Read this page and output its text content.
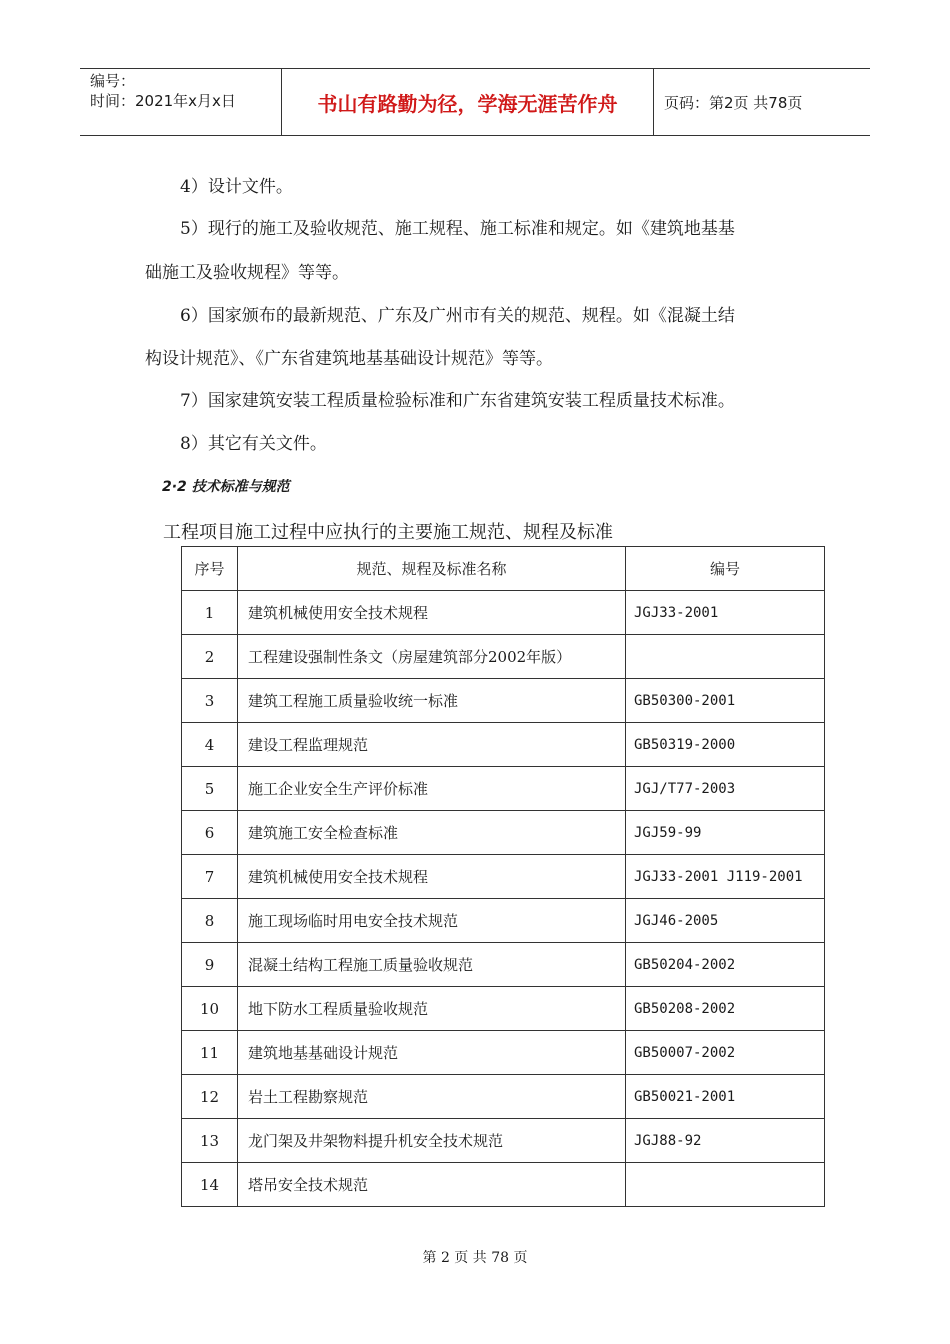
编号：
时间：2021年x月x日	书山有路勤为径，学海无涯苦作舟	页码：第2页 共78页
4）设计文件。
5）现行的施工及验收规范、施工规程、施工标准和规定。如《建筑地基基
础施工及验收规程》等等。
6）国家颁布的最新规范、广东及广州市有关的规范、规程。如《混凝土结
构设计规范》、《广东省建筑地基基础设计规范》等等。
7）国家建筑安装工程质量检验标准和广东省建筑安装工程质量技术标准。
8）其它有关文件。
2·2 技术标准与规范
工程项目施工过程中应执行的主要施工规范、规程及标准
序号	规范、规程及标准名称	编号
1	建筑机械使用安全技术规程	JGJ33-2001
2	工程建设强制性条文（房屋建筑部分2002年版）	
3	建筑工程施工质量验收统一标准	GB50300-2001
4	建设工程监理规范	GB50319-2000
5	施工企业安全生产评价标准	JGJ/T77-2003
6	建筑施工安全检查标准	JGJ59-99
7	建筑机械使用安全技术规程	JGJ33-2001 J119-2001
8	施工现场临时用电安全技术规范	JGJ46-2005
9	混凝土结构工程施工质量验收规范	GB50204-2002
10	地下防水工程质量验收规范	GB50208-2002
11	建筑地基基础设计规范	GB50007-2002
12	岩土工程勘察规范	GB50021-2001
13	龙门架及井架物料提升机安全技术规范	JGJ88-92
14	塔吊安全技术规范	
第 2 页 共 78 页
